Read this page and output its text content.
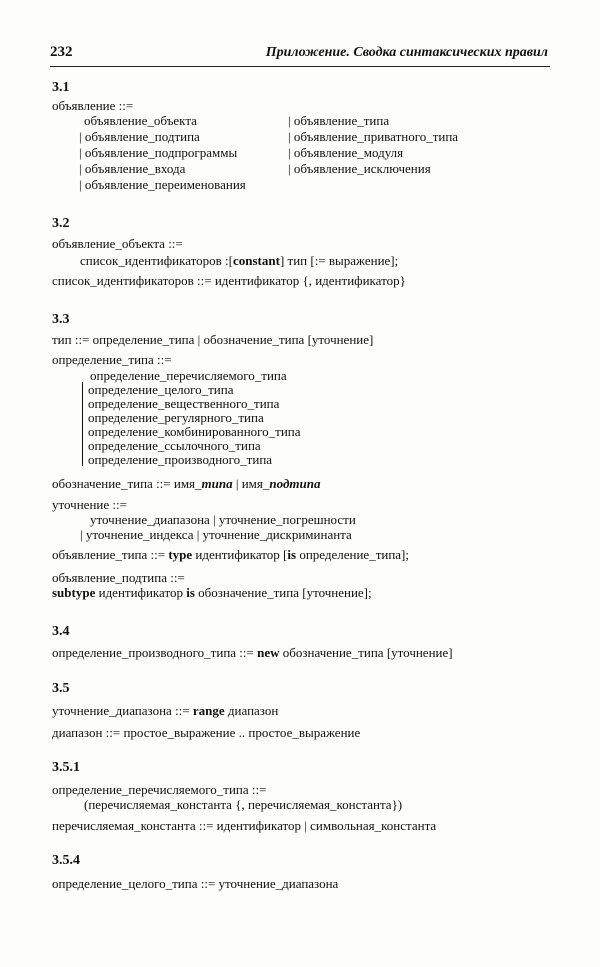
232	Приложение. Сводка синтаксических правил
3.1
объявление ::=
объявление_объекта
| объявление_подтипа
| объявление_подпрограммы
| объявление_входа
| объявление_переименования
| объявление_типа
| объявление_приватного_типа
| объявление_модуля
| объявление_исключения
3.2
объявление_объекта ::=
список_идентификаторов :[constant] тип [:= выражение];
список_идентификаторов ::= идентификатор {, идентификатор}
3.3
тип ::= определение_типа | обозначение_типа [уточнение]
определение_типа ::=
определение_перечисляемого_типа
определение_целого_типа
определение_вещественного_типа
определение_регулярного_типа
определение_комбинированного_типа
определение_ссылочного_типа
определение_производного_типа
обозначение_типа ::= имя_типа | имя_подтипа
уточнение ::=
уточнение_диапазона | уточнение_погрешности
| уточнение_индекса | уточнение_дискриминанта
объявление_типа ::= type идентификатор [is определение_типа];
объявление_подтипа ::=
subtype идентификатор is обозначение_типа [уточнение];
3.4
определение_производного_типа ::= new обозначение_типа [уточнение]
3.5
уточнение_диапазона ::= range диапазон
диапазон ::= простое_выражение .. простое_выражение
3.5.1
определение_перечисляемого_типа ::=
(перечисляемая_константа {, перечисляемая_константа})
перечисляемая_константа ::= идентификатор | символьная_константа
3.5.4
определение_целого_типа ::= уточнение_диапазона
